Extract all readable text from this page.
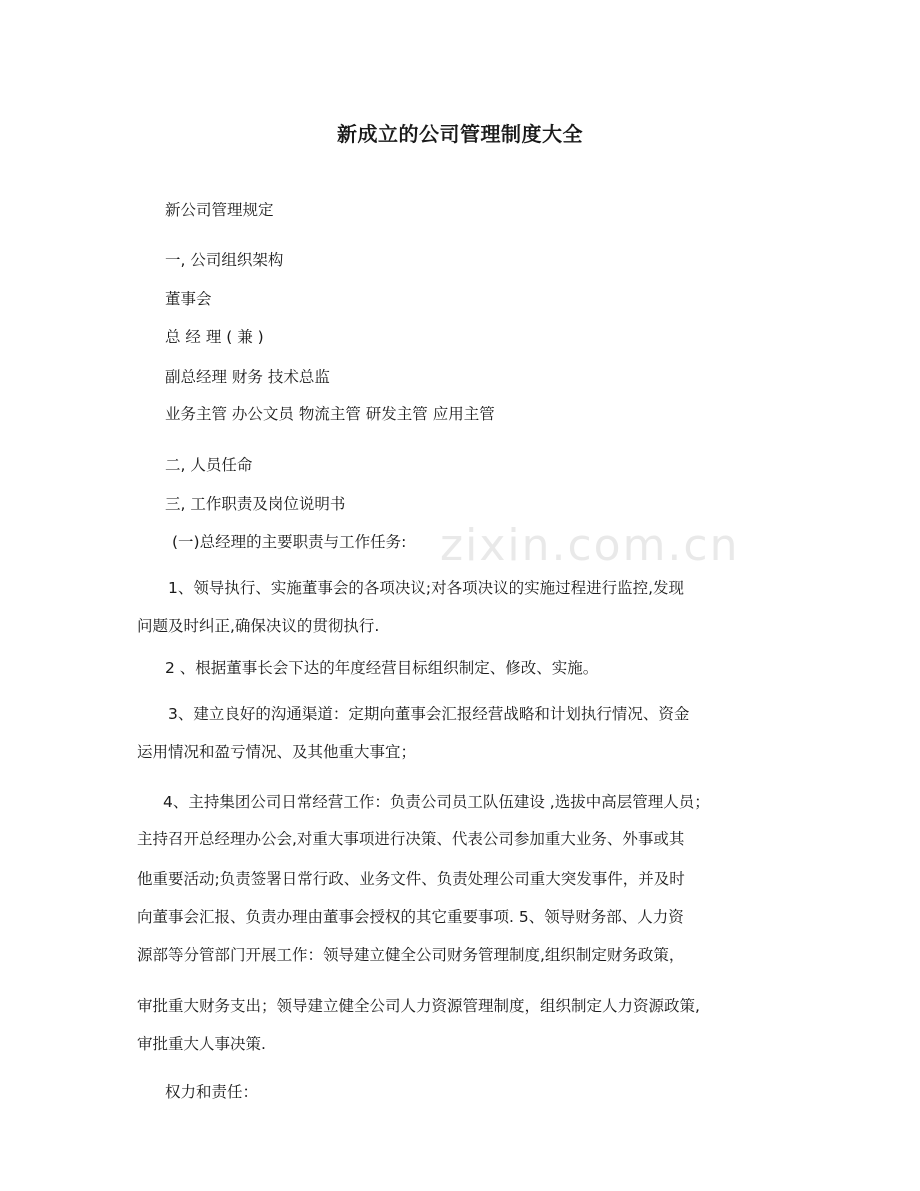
zixin.com.cn
新成立的公司管理制度大全
新公司管理规定
一, 公司组织架构
董事会
总 经 理 ( 兼 )
副总经理 财务 技术总监
业务主管 办公文员 物流主管 研发主管 应用主管
二, 人员任命
三, 工作职责及岗位说明书
(一)总经理的主要职责与工作任务:
1、领导执行、实施董事会的各项决议;对各项决议的实施过程进行监控,发现
问题及时纠正,确保决议的贯彻执行.
2 、根据董事长会下达的年度经营目标组织制定、修改、实施。
3、建立良好的沟通渠道：定期向董事会汇报经营战略和计划执行情况、资金
运用情况和盈亏情况、及其他重大事宜；
4、主持集团公司日常经营工作：负责公司员工队伍建设 ,选拔中高层管理人员；
主持召开总经理办公会,对重大事项进行决策、代表公司参加重大业务、外事或其
他重要活动;负责签署日常行政、业务文件、负责处理公司重大突发事件，并及时
向董事会汇报、负责办理由董事会授权的其它重要事项. 5、领导财务部、人力资
源部等分管部门开展工作：领导建立健全公司财务管理制度,组织制定财务政策，
审批重大财务支出；领导建立健全公司人力资源管理制度，组织制定人力资源政策,
审批重大人事决策.
权力和责任：
